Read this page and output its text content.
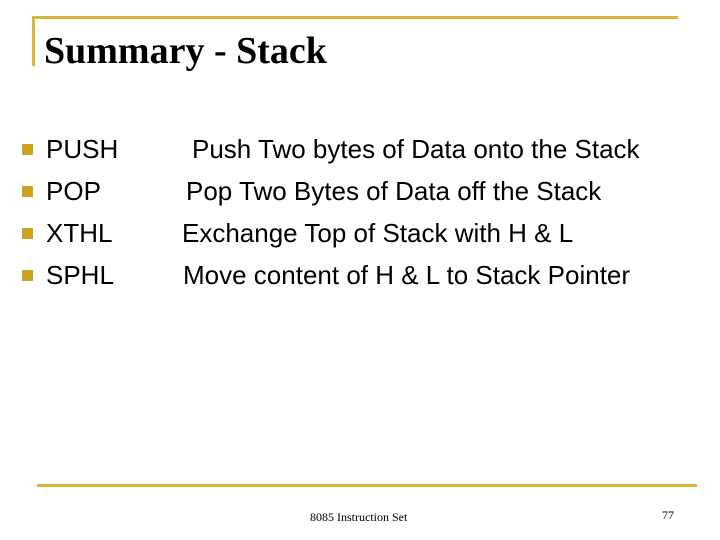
Summary - Stack
PUSH	Push Two bytes of Data onto the Stack
POP	Pop Two Bytes of Data off the Stack
XTHL	Exchange Top of Stack with H & L
SPHL	Move content of H & L to Stack Pointer
8085 Instruction Set	77
